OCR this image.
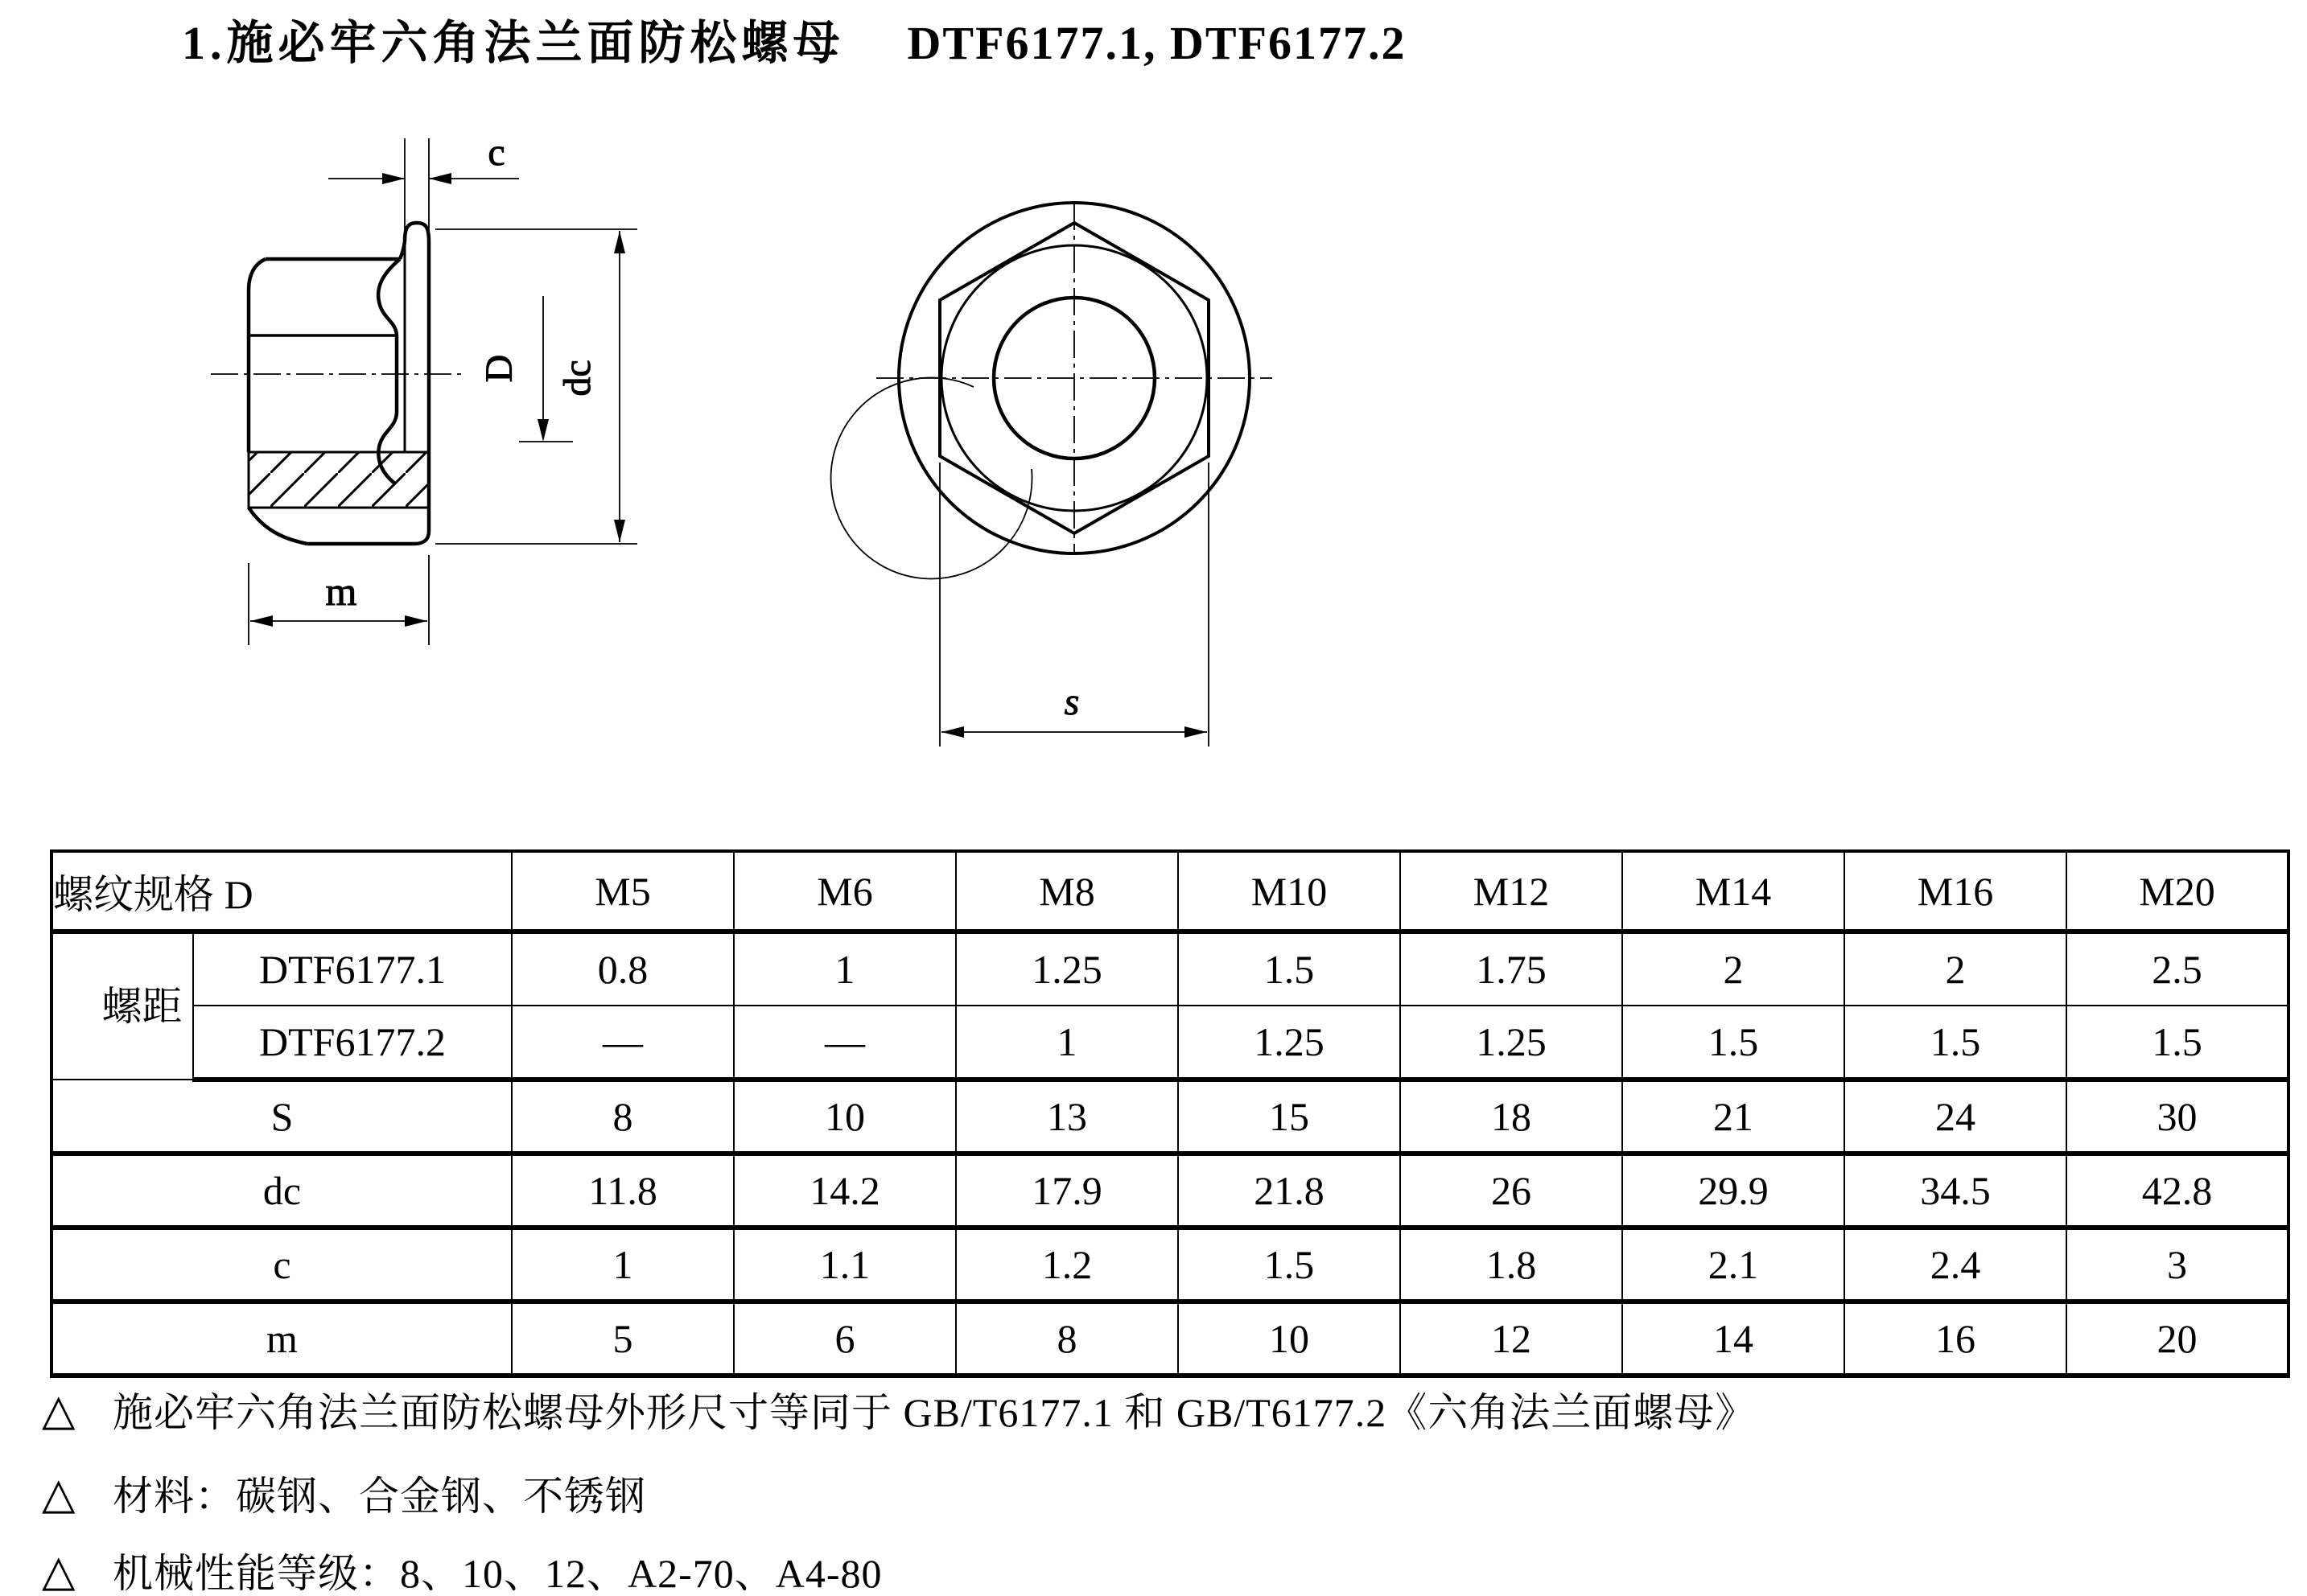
1.施必牢六角法兰面防松螺母 DTF6177.1, DTF6177.2
c
D dc
m
s
螺纹规格 D		M5	M6	M8	M10	M12	M14	M16	M20

螺距	DTF6177.1	0.8	1	1.25	1.5	1.75	2	2	2.5
	DTF6177.2	—	—	1	1.25	1.25	1.5	1.5	1.5
S		8	10	13	15	18	21	24	30
dc		11.8	14.2	17.9	21.8	26	29.9	34.5	42.8
c		1	1.1	1.2	1.5	1.8	2.1	2.4	3
m		5	6	8	10	12	14	16	20
△ 施必牢六角法兰面防松螺母外形尺寸等同于 GB/T6177.1 和 GB/T6177.2《六角法兰面螺母》
△ 材料：碳钢、合金钢、不锈钢
△ 机械性能等级：8、10、12、A2-70、A4-80
